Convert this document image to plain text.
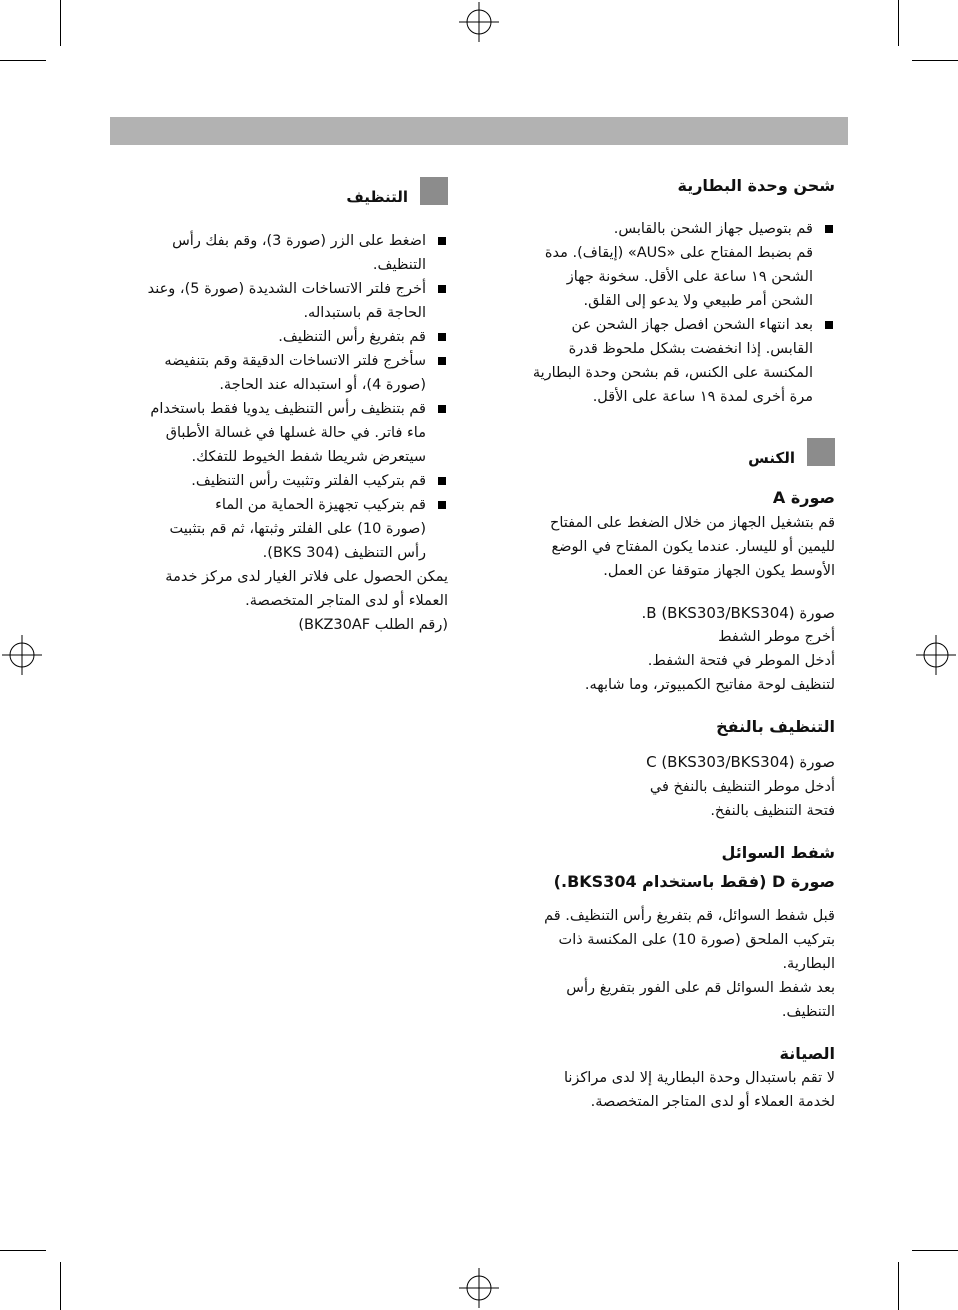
شحن وحدة البطارية
قم بتوصيل جهاز الشحن بالقابس.
قم بضبط المفتاح على «AUS» (إيقاف). مدة
الشحن ١٩ ساعة على الأقل. سخونة جهاز
الشحن أمر طبيعي ولا يدعو إلى القلق.
بعد انتهاء الشحن افصل جهاز الشحن عن
القابس. إذا انخفضت بشكل ملحوظ قدرة
المكنسة على الكنس، قم بشحن وحدة البطارية
مرة أخرى لمدة ١٩ ساعة على الأقل.
الكنس
صورة A
قم بتشغيل الجهاز من خلال الضغط على المفتاح
لليمين أو لليسار. عندما يكون المفتاح في الوضع
الأوسط يكون الجهاز متوقفا عن العمل.
صورة B (BKS303/BKS304).
أخرج موطر الشفط
أدخل الموطر في فتحة الشفط.
لتنظيف لوحة مفاتيح الكمبيوتر، وما شابهه.
التنظيف بالنفخ
صورة C (BKS303/BKS304)
أدخل موطر التنظيف بالنفخ في
فتحة التنظيف بالنفخ.
شفط السوائل
صورة D (فقط باستخدام BKS304.)
قبل شفط السوائل، قم بتفريغ رأس التنظيف. قم
بتركيب الملحق (صورة 10) على المكنسة ذات
البطارية.
بعد شفط السوائل قم على الفور بتفريغ رأس
التنظيف.
الصيانة
لا تقم باستبدال وحدة البطارية إلا لدى مراكزنا
لخدمة العملاء أو لدى المتاجر المتخصصة.
التنظيف
اضغط على الزر (صورة 3)، وقم بفك رأس
التنظيف.
أخرج فلتر الاتساخات الشديدة (صورة 5)، وعند
الحاجة قم باستبداله.
قم بتفريغ رأس التنظيف.
سأخرج فلتر الاتساخات الدقيقة وقم بتنفيضه
(صورة 4)، أو استبداله عند الحاجة.
قم بتنظيف رأس التنظيف يدويا فقط باستخدام
ماء فاتر. في حالة غسلها في غسالة الأطباق
سيتعرض شريطا شفط الخيوط للتفكك.
قم بتركيب الفلتر وتثبيت رأس التنظيف.
قم بتركيب تجهيزة الحماية من الماء
(صورة 10) على الفلتر وثبتها، ثم قم بتثبيت
رأس التنظيف (BKS 304).
يمكن الحصول على فلاتر الغيار لدى مركز خدمة
العملاء أو لدى المتاجر المتخصصة.
(رقم الطلب BKZ30AF)
